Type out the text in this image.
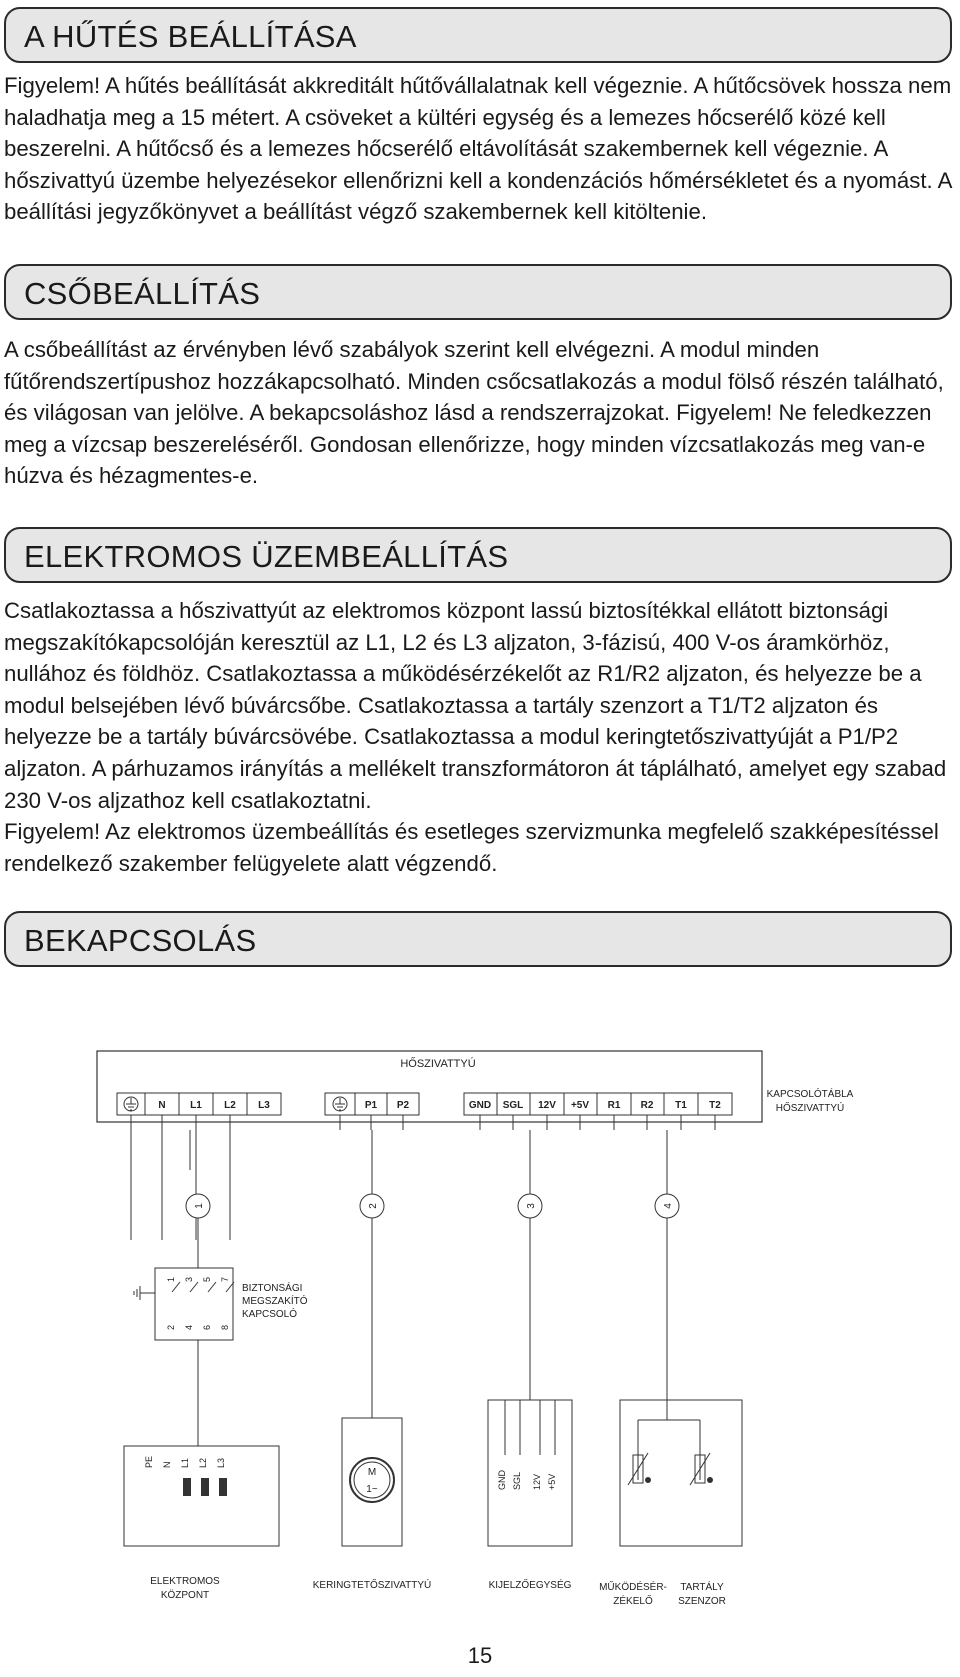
A HŰTÉS BEÁLLÍTÁSA

Figyelem! A hűtés beállítását akkreditált hűtővállalatnak kell végeznie. A hűtőcsövek hossza nem haladhatja meg a 15 métert. A csöveket a kültéri egység és a lemezes hőcserélő közé kell beszerelni. A hűtőcső és a lemezes hőcserélő eltávolítását szakembernek kell végeznie. A hőszivattyú üzembe helyezésekor ellenőrizni kell a kondenzációs hőmérsékletet és a nyomást. A beállítási jegyzőkönyvet a beállítást végző szakembernek kell kitöltenie.

CSŐBEÁLLÍTÁS

A csőbeállítást az érvényben lévő szabályok szerint kell elvégezni. A modul minden fűtőrendszertípushoz hozzákapcsolható. Minden csőcsatlakozás a modul fölső részén található, és világosan van jelölve. A bekapcsoláshoz lásd a rendszerrajzokat. Figyelem! Ne feledkezzen meg a vízcsap beszereléséről. Gondosan ellenőrizze, hogy minden vízcsatlakozás meg van-e húzva és hézagmentes-e.

ELEKTROMOS ÜZEMBEÁLLÍTÁS

Csatlakoztassa a hőszivattyút az elektromos központ lassú biztosítékkal ellátott biztonsági megszakítókapcsolóján keresztül az L1, L2 és L3 aljzaton, 3-fázisú, 400 V-os áramkörhöz, nullához és földhöz. Csatlakoztassa a működésérzékelőt az R1/R2 aljzaton, és helyezze be a modul belsejében lévő búvárcsőbe. Csatlakoztassa a tartály szenzort a T1/T2 aljzaton és helyezze be a tartály búvárcsövébe. Csatlakoztassa a modul keringtetőszivattyúját a P1/P2 aljzaton. A párhuzamos irányítás a mellékelt transzformátoron át táplálható, amelyet egy szabad 230 V-os aljzathoz kell csatlakoztatni.

Figyelem! Az elektromos üzembeállítás és esetleges szervizmunka megfelelő szakképesítéssel rendelkező szakember felügyelete alatt végzendő.

BEKAPCSOLÁS
HŐSZIVATTYÚ
KAPCSOLÓTÁBLA
HŐSZIVATTYÚ
N L1 L2 L3	P1 P2	GND SGL 12V +5V R1 R2 T1 T2
1	2	3	4
1 3 5 7
2 4 6 8
BIZTONSÁGI
MEGSZAKÍTÓ
KAPCSOLÓ
PE N L1 L2 L3
M
1~	GND SGL 12V +5V
ELEKTROMOS
KÖZPONT
KERINGTETŐSZIVATTYÚ	KIJELZŐEGYSÉG	MŰKÖDÉSÉR-
ZÉKELŐ
TARTÁLY
SZENZOR
15
